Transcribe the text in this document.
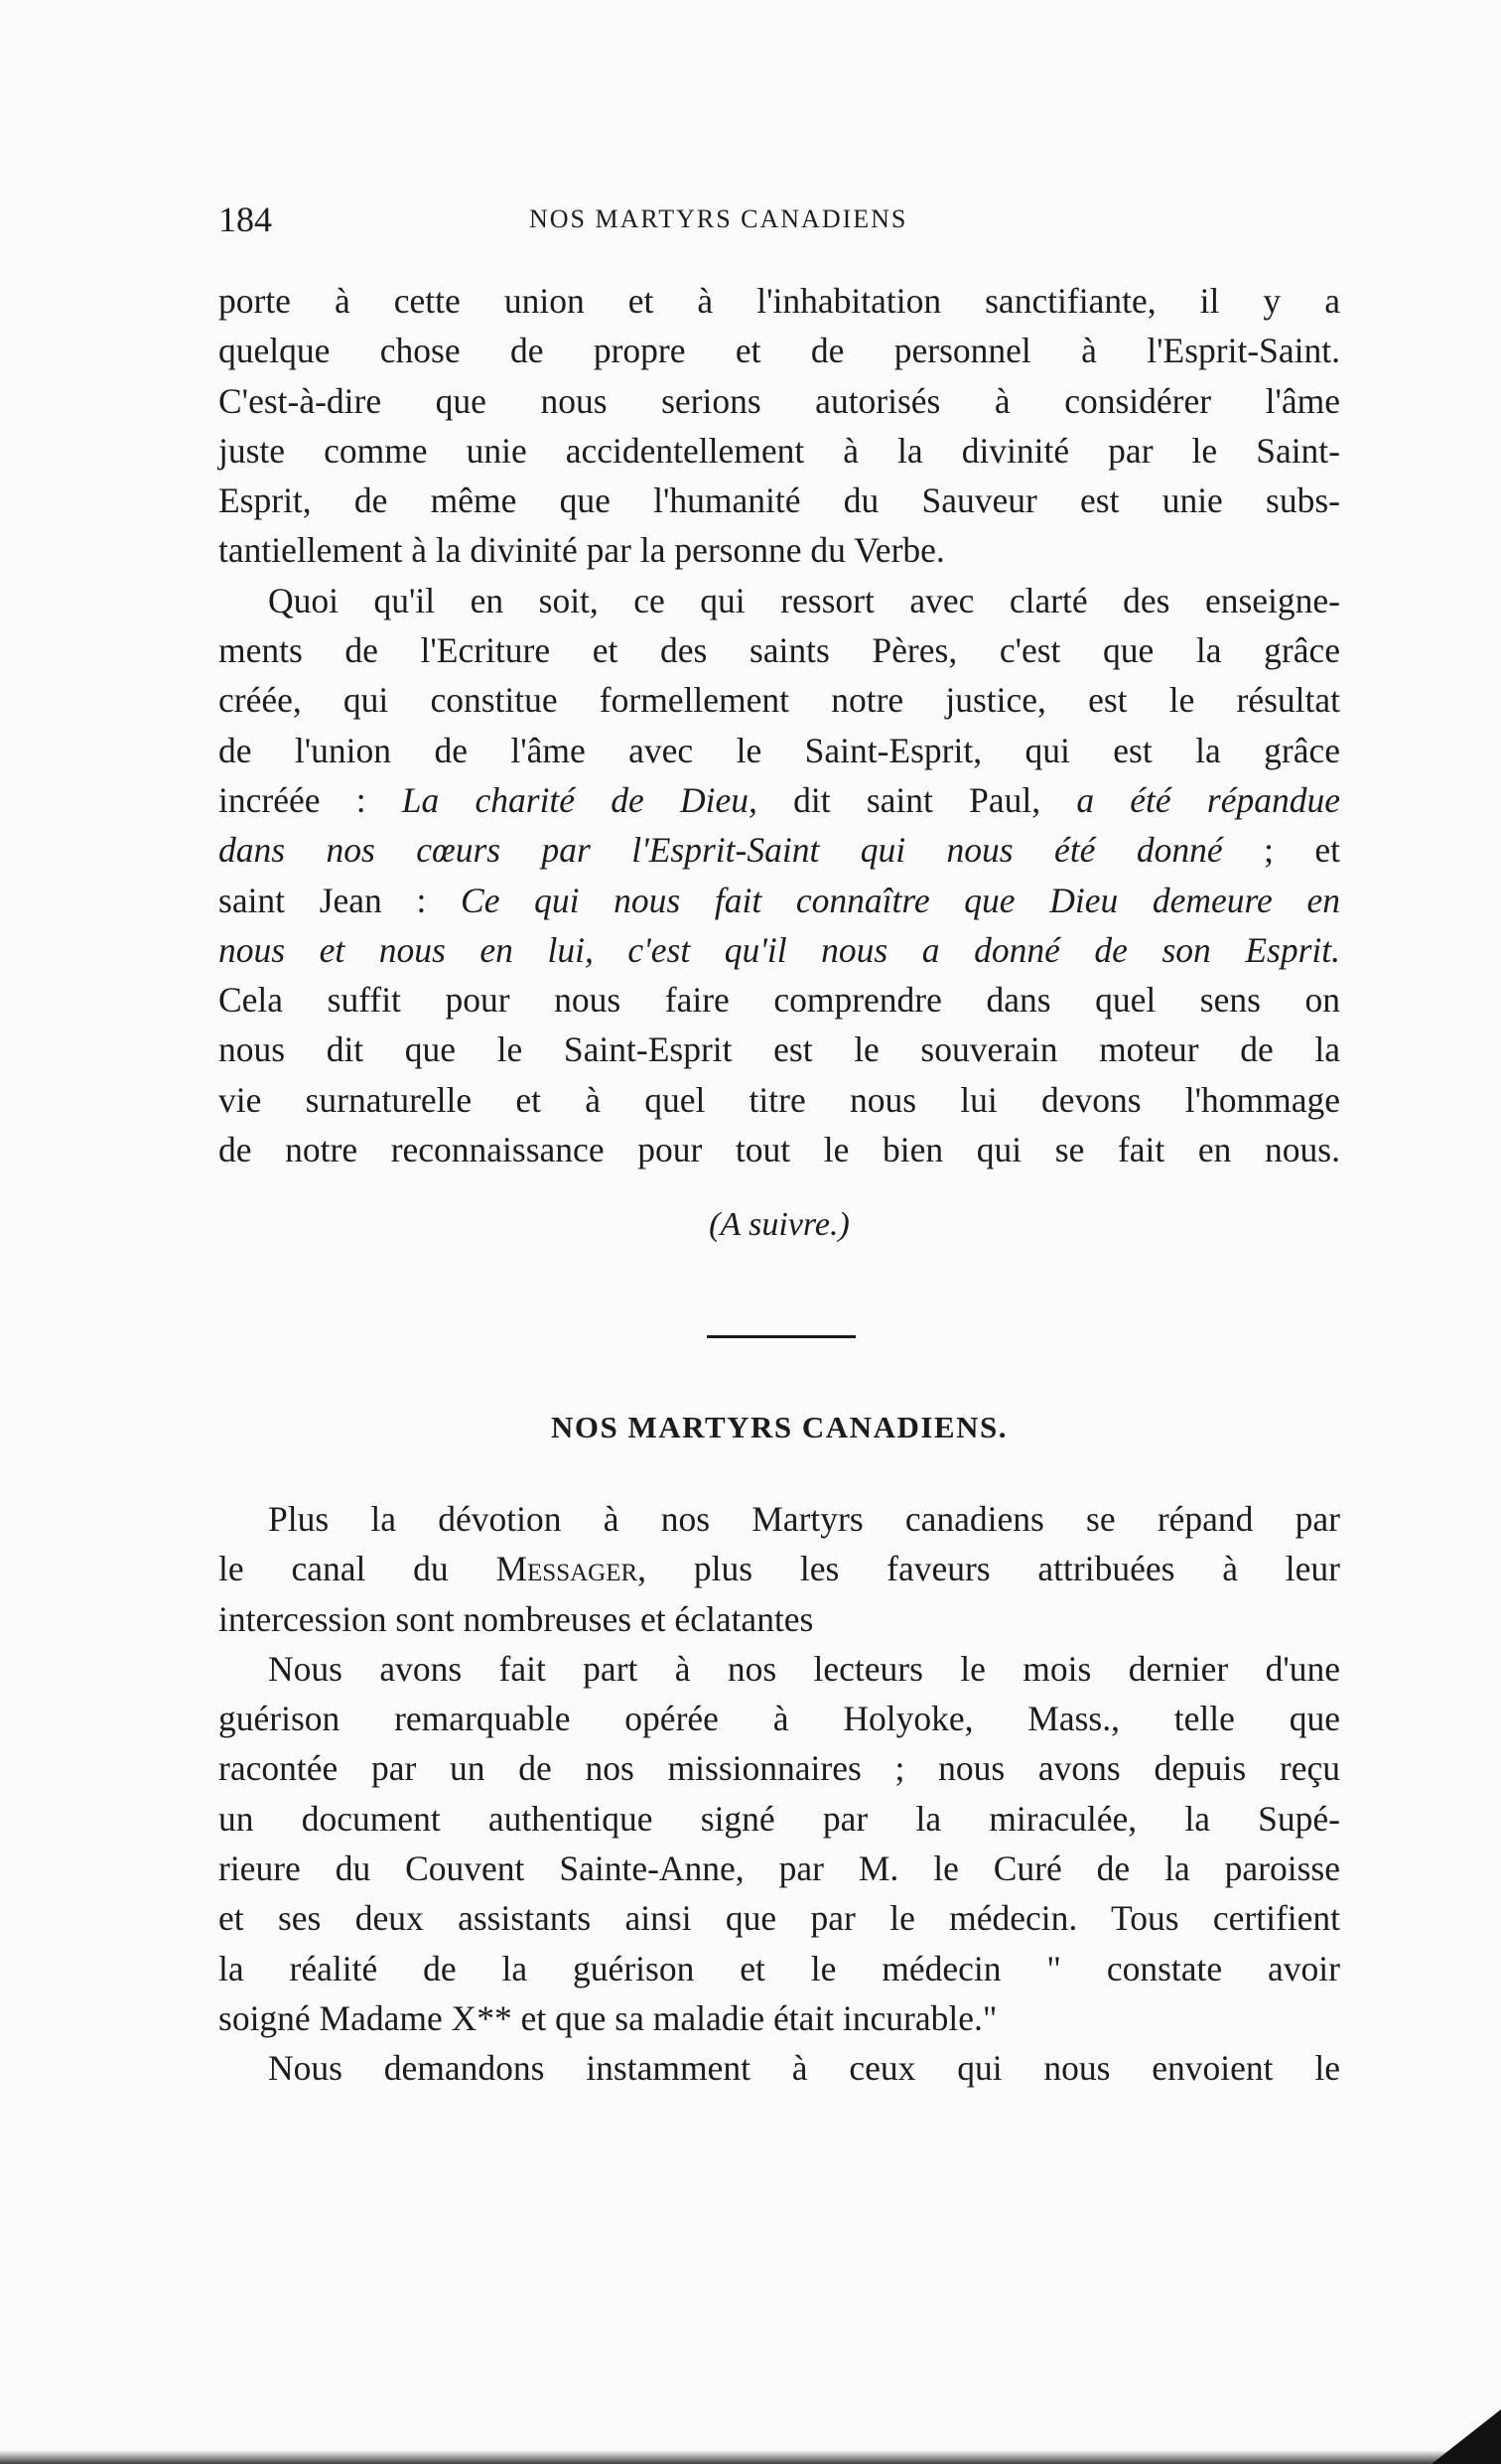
184	NOS MARTYRS CANADIENS
porte à cette union et à l'inhabitation sanctifiante, il y a
quelque chose de propre et de personnel à l'Esprit-Saint.
C'est-à-dire que nous serions autorisés à considérer l'âme
juste comme unie accidentellement à la divinité par le Saint-
Esprit, de même que l'humanité du Sauveur est unie subs-
tantiellement à la divinité par la personne du Verbe.
Quoi qu'il en soit, ce qui ressort avec clarté des enseigne-
ments de l'Ecriture et des saints Pères, c'est que la grâce
créée, qui constitue formellement notre justice, est le résultat
de l'union de l'âme avec le Saint-Esprit, qui est la grâce
incréée : La charité de Dieu, dit saint Paul, a été répandue
dans nos cœurs par l'Esprit-Saint qui nous été donné ; et
saint Jean : Ce qui nous fait connaître que Dieu demeure en
nous et nous en lui, c'est qu'il nous a donné de son Esprit.
Cela suffit pour nous faire comprendre dans quel sens on
nous dit que le Saint-Esprit est le souverain moteur de la
vie surnaturelle et à quel titre nous lui devons l'hommage
de notre reconnaissance pour tout le bien qui se fait en nous.
(A suivre.)
NOS MARTYRS CANADIENS.
Plus la dévotion à nos Martyrs canadiens se répand par
le canal du Messager, plus les faveurs attribuées à leur
intercession sont nombreuses et éclatantes
Nous avons fait part à nos lecteurs le mois dernier d'une
guérison remarquable opérée à Holyoke, Mass., telle que
racontée par un de nos missionnaires ; nous avons depuis reçu
un document authentique signé par la miraculée, la Supé-
rieure du Couvent Sainte-Anne, par M. le Curé de la paroisse
et ses deux assistants ainsi que par le médecin. Tous certifient
la réalité de la guérison et le médecin " constate avoir
soigné Madame X** et que sa maladie était incurable."
Nous demandons instamment à ceux qui nous envoient le
